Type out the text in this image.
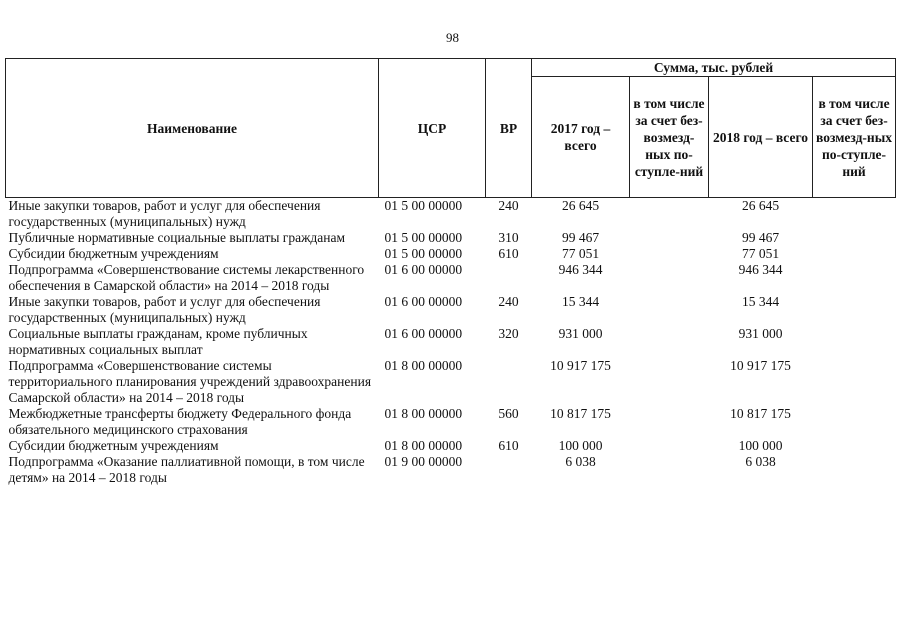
98
Наименование	ЦСР	ВР	Сумма, тыс. рублей			
			2017 год – всего	в том числе за счет без-возмезд-ных по-ступле-ний	2018 год – всего	в том числе за счет без-возмезд-ных по-ступле-ний
Иные закупки товаров, работ и услуг для обеспечения государственных (муниципальных) нужд	01 5 00 00000	240	26 645		26 645	
Публичные нормативные социальные выплаты гражданам	01 5 00 00000	310	99 467		99 467	
Субсидии бюджетным учреждениям	01 5 00 00000	610	77 051		77 051	
Подпрограмма «Совершенствование системы лекарственного обеспечения в Самарской области» на 2014 – 2018 годы	01 6 00 00000		946 344		946 344	
Иные закупки товаров, работ и услуг для обеспечения государственных (муниципальных) нужд	01 6 00 00000	240	15 344		15 344	
Социальные выплаты гражданам, кроме публичных нормативных социальных выплат	01 6 00 00000	320	931 000		931 000	
Подпрограмма «Совершенствование системы территориального планирования учреждений здравоохранения Самарской области» на 2014 – 2018 годы	01 8 00 00000		10 917 175		10 917 175	
Межбюджетные трансферты бюджету Федерального фонда обязательного медицинского страхования	01 8 00 00000	560	10 817 175		10 817 175	
Субсидии бюджетным учреждениям	01 8 00 00000	610	100 000		100 000	
Подпрограмма «Оказание паллиативной помощи, в том числе детям» на 2014 – 2018 годы	01 9 00 00000		6 038		6 038	
